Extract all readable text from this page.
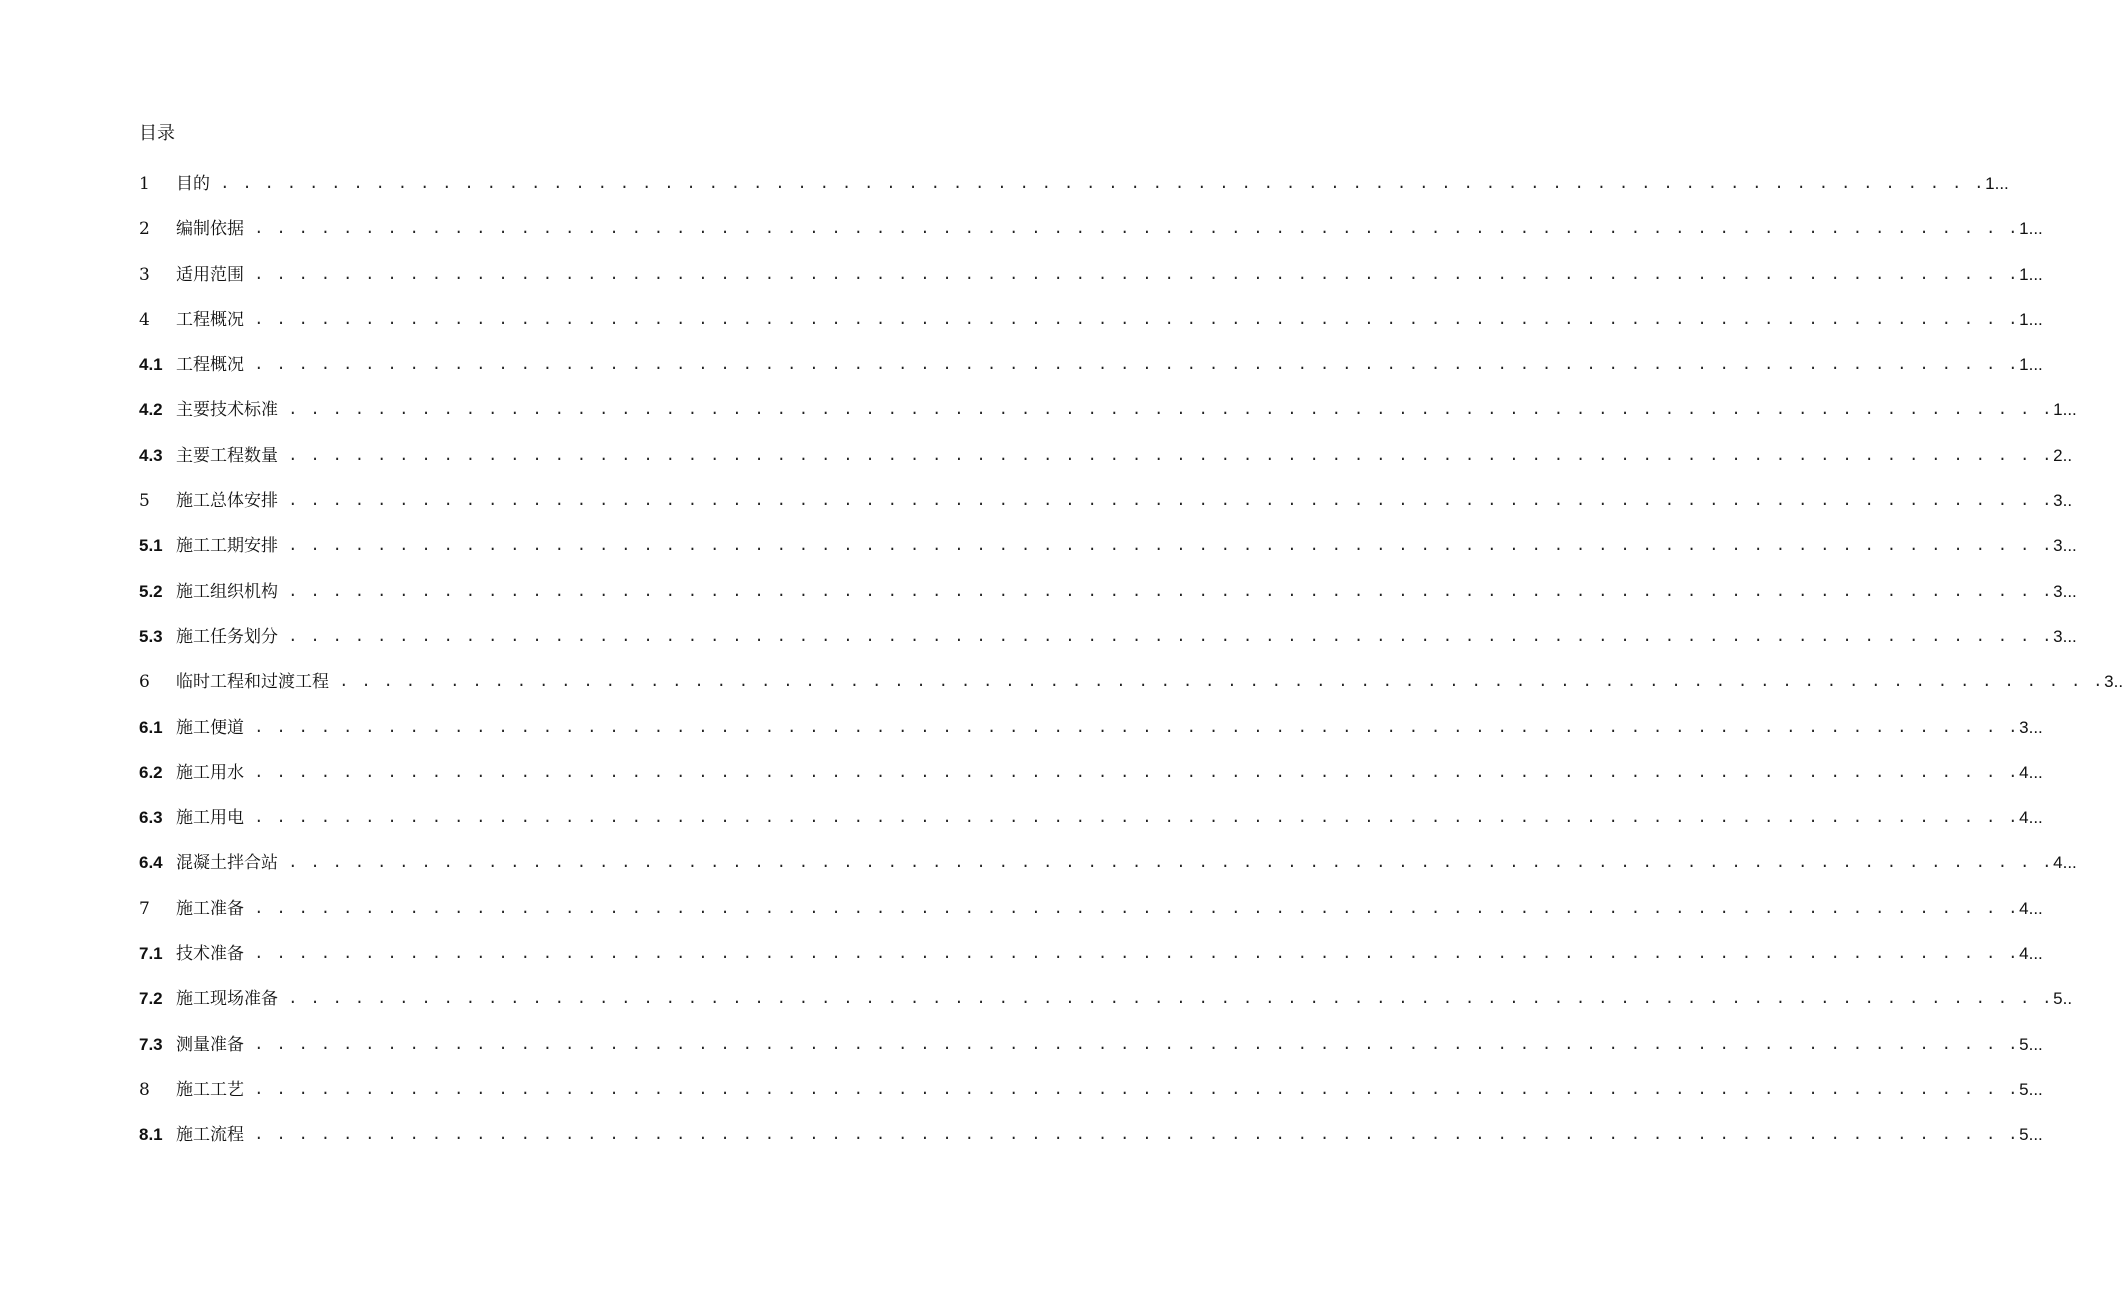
目录
1	目的 . . . . . . . . . . . . . . . . . . . . . . . . . . . . . . . . . . . . . . . . . . . . . . . . . . . . . . . . . . . . . . . . . . . . . . . . . . . . . . . . 1...
2	编制依据 . . . . . . . . . . . . . . . . . . . . . . . . . . . . . . . . . . . . . . . . . . . . . . . . . . . . . . . . . . . . . . . . . . . . . . . . . . . . . . . . 1...
3	适用范围 . . . . . . . . . . . . . . . . . . . . . . . . . . . . . . . . . . . . . . . . . . . . . . . . . . . . . . . . . . . . . . . . . . . . . . . . . . . . . . . . 1...
4	工程概况 . . . . . . . . . . . . . . . . . . . . . . . . . . . . . . . . . . . . . . . . . . . . . . . . . . . . . . . . . . . . . . . . . . . . . . . . . . . . . . . . 1...
4.1 工程概况 . . . . . . . . . . . . . . . . . . . . . . . . . . . . . . . . . . . . . . . . . . . . . . . . . . . . . . . . . . . . . . . . . . . . . . . . . . . . . . . . 1...
4.2 主要技术标准 . . . . . . . . . . . . . . . . . . . . . . . . . . . . . . . . . . . . . . . . . . . . . . . . . . . . . . . . . . . . . . . . . . . . . . . . . . . . . . . . 1...
4.3 主要工程数量 . . . . . . . . . . . . . . . . . . . . . . . . . . . . . . . . . . . . . . . . . . . . . . . . . . . . . . . . . . . . . . . . . . . . . . . . . . . . . . . . 2..
5	施工总体安排 . . . . . . . . . . . . . . . . . . . . . . . . . . . . . . . . . . . . . . . . . . . . . . . . . . . . . . . . . . . . . . . . . . . . . . . . . . . . . . . . 3..
5.1 施工工期安排 . . . . . . . . . . . . . . . . . . . . . . . . . . . . . . . . . . . . . . . . . . . . . . . . . . . . . . . . . . . . . . . . . . . . . . . . . . . . . . . . 3...
5.2 施工组织机构 . . . . . . . . . . . . . . . . . . . . . . . . . . . . . . . . . . . . . . . . . . . . . . . . . . . . . . . . . . . . . . . . . . . . . . . . . . . . . . . . 3...
5.3 施工任务划分 . . . . . . . . . . . . . . . . . . . . . . . . . . . . . . . . . . . . . . . . . . . . . . . . . . . . . . . . . . . . . . . . . . . . . . . . . . . . . . . . 3...
6	临时工程和过渡工程 . . . . . . . . . . . . . . . . . . . . . . . . . . . . . . . . . . . . . . . . . . . . . . . . . . . . . . . . . . . . . . . . . . . . . . . . . . . . . . . . 3..
6.1 施工便道 . . . . . . . . . . . . . . . . . . . . . . . . . . . . . . . . . . . . . . . . . . . . . . . . . . . . . . . . . . . . . . . . . . . . . . . . . . . . . . . . 3...
6.2 施工用水 . . . . . . . . . . . . . . . . . . . . . . . . . . . . . . . . . . . . . . . . . . . . . . . . . . . . . . . . . . . . . . . . . . . . . . . . . . . . . . . . 4...
6.3 施工用电 . . . . . . . . . . . . . . . . . . . . . . . . . . . . . . . . . . . . . . . . . . . . . . . . . . . . . . . . . . . . . . . . . . . . . . . . . . . . . . . . 4...
6.4 混凝土拌合站 . . . . . . . . . . . . . . . . . . . . . . . . . . . . . . . . . . . . . . . . . . . . . . . . . . . . . . . . . . . . . . . . . . . . . . . . . . . . . . . . 4...
7	施工准备 . . . . . . . . . . . . . . . . . . . . . . . . . . . . . . . . . . . . . . . . . . . . . . . . . . . . . . . . . . . . . . . . . . . . . . . . . . . . . . . . 4...
7.1 技术准备 . . . . . . . . . . . . . . . . . . . . . . . . . . . . . . . . . . . . . . . . . . . . . . . . . . . . . . . . . . . . . . . . . . . . . . . . . . . . . . . . 4...
7.2 施工现场准备 . . . . . . . . . . . . . . . . . . . . . . . . . . . . . . . . . . . . . . . . . . . . . . . . . . . . . . . . . . . . . . . . . . . . . . . . . . . . . . . . 5..
7.3 测量准备 . . . . . . . . . . . . . . . . . . . . . . . . . . . . . . . . . . . . . . . . . . . . . . . . . . . . . . . . . . . . . . . . . . . . . . . . . . . . . . . . 5...
8	施工工艺 . . . . . . . . . . . . . . . . . . . . . . . . . . . . . . . . . . . . . . . . . . . . . . . . . . . . . . . . . . . . . . . . . . . . . . . . . . . . . . . . 5...
8.1 施工流程 . . . . . . . . . . . . . . . . . . . . . . . . . . . . . . . . . . . . . . . . . . . . . . . . . . . . . . . . . . . . . . . . . . . . . . . . . . . . . . . . 5...
